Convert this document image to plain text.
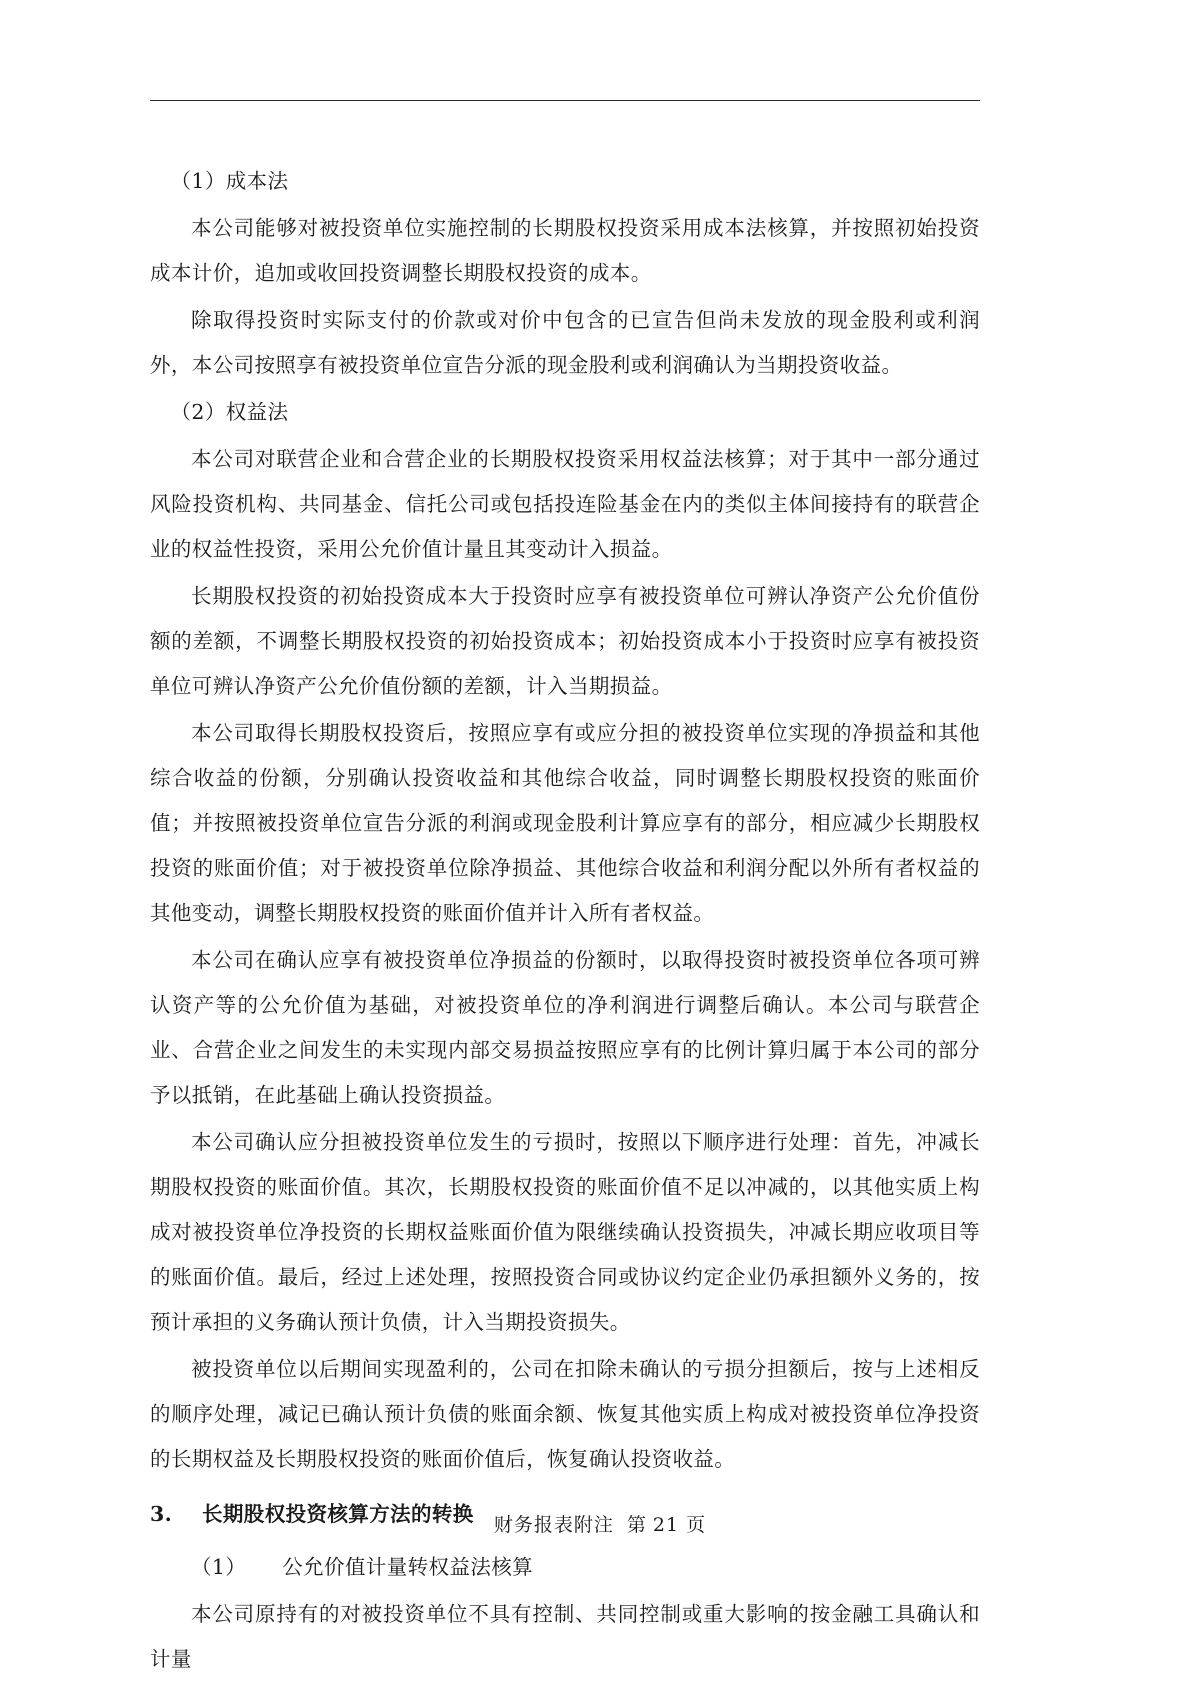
（1）成本法

本公司能够对被投资单位实施控制的长期股权投资采用成本法核算，并按照初始投资成本计价，追加或收回投资调整长期股权投资的成本。

除取得投资时实际支付的价款或对价中包含的已宣告但尚未发放的现金股利或利润外，本公司按照享有被投资单位宣告分派的现金股利或利润确认为当期投资收益。

（2）权益法

本公司对联营企业和合营企业的长期股权投资采用权益法核算；对于其中一部分通过风险投资机构、共同基金、信托公司或包括投连险基金在内的类似主体间接持有的联营企业的权益性投资，采用公允价值计量且其变动计入损益。

长期股权投资的初始投资成本大于投资时应享有被投资单位可辨认净资产公允价值份额的差额，不调整长期股权投资的初始投资成本；初始投资成本小于投资时应享有被投资单位可辨认净资产公允价值份额的差额，计入当期损益。

本公司取得长期股权投资后，按照应享有或应分担的被投资单位实现的净损益和其他综合收益的份额，分别确认投资收益和其他综合收益，同时调整长期股权投资的账面价值；并按照被投资单位宣告分派的利润或现金股利计算应享有的部分，相应减少长期股权投资的账面价值；对于被投资单位除净损益、其他综合收益和利润分配以外所有者权益的其他变动，调整长期股权投资的账面价值并计入所有者权益。

本公司在确认应享有被投资单位净损益的份额时，以取得投资时被投资单位各项可辨认资产等的公允价值为基础，对被投资单位的净利润进行调整后确认。本公司与联营企业、合营企业之间发生的未实现内部交易损益按照应享有的比例计算归属于本公司的部分予以抵销，在此基础上确认投资损益。

本公司确认应分担被投资单位发生的亏损时，按照以下顺序进行处理：首先，冲减长期股权投资的账面价值。其次，长期股权投资的账面价值不足以冲减的，以其他实质上构成对被投资单位净投资的长期权益账面价值为限继续确认投资损失，冲减长期应收项目等的账面价值。最后，经过上述处理，按照投资合同或协议约定企业仍承担额外义务的，按预计承担的义务确认预计负债，计入当期投资损失。

被投资单位以后期间实现盈利的，公司在扣除未确认的亏损分担额后，按与上述相反的顺序处理，减记已确认预计负债的账面余额、恢复其他实质上构成对被投资单位净投资的长期权益及长期股权投资的账面价值后，恢复确认投资收益。

3. 长期股权投资核算方法的转换

（1） 公允价值计量转权益法核算

本公司原持有的对被投资单位不具有控制、共同控制或重大影响的按金融工具确认和计量

财务报表附注 第 21 页
